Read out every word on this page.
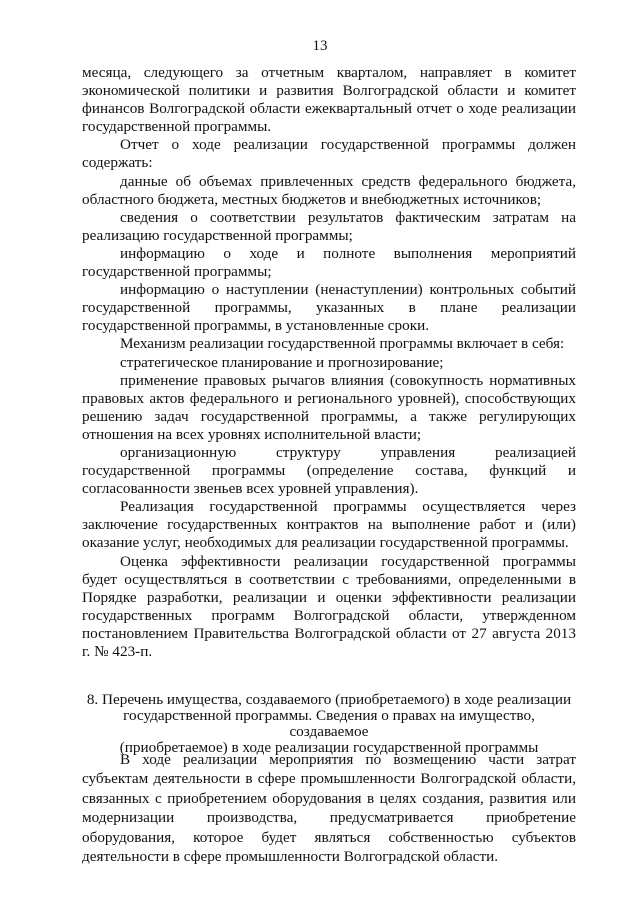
13

месяца, следующего за отчетным кварталом, направляет в комитет экономической политики и развития Волгоградской области и комитет финансов Волгоградской области ежеквартальный отчет о ходе реализации государственной программы.

Отчет о ходе реализации государственной программы должен содержать:

данные об объемах привлеченных средств федерального бюджета, областного бюджета, местных бюджетов и внебюджетных источников;

сведения о соответствии результатов фактическим затратам на реализацию государственной программы;

информацию о ходе и полноте выполнения мероприятий государственной программы;

информацию о наступлении (ненаступлении) контрольных событий государственной программы, указанных в плане реализации государственной программы, в установленные сроки.

Механизм реализации государственной программы включает в себя:

стратегическое планирование и прогнозирование;

применение правовых рычагов влияния (совокупность нормативных правовых актов федерального и регионального уровней), способствующих решению задач государственной программы, а также регулирующих отношения на всех уровнях исполнительной власти;

организационную структуру управления реализацией государственной программы (определение состава, функций и согласованности звеньев всех уровней управления).

Реализация государственной программы осуществляется через заключение государственных контрактов на выполнение работ и (или) оказание услуг, необходимых для реализации государственной программы.

Оценка эффективности реализации государственной программы будет осуществляться в соответствии с требованиями, определенными в Порядке разработки, реализации и оценки эффективности реализации государственных программ Волгоградской области, утвержденном постановлением Правительства Волгоградской области от 27 августа 2013 г. № 423-п.

8. Перечень имущества, создаваемого (приобретаемого) в ходе реализации
государственной программы. Сведения о правах на имущество, создаваемое
(приобретаемое) в ходе реализации государственной программы

В ходе реализации мероприятия по возмещению части затрат субъектам деятельности в сфере промышленности Волгоградской области, связанных с приобретением оборудования в целях создания, развития или модернизации производства, предусматривается приобретение оборудования, которое будет являться собственностью субъектов деятельности в сфере промышленности Волгоградской области.
